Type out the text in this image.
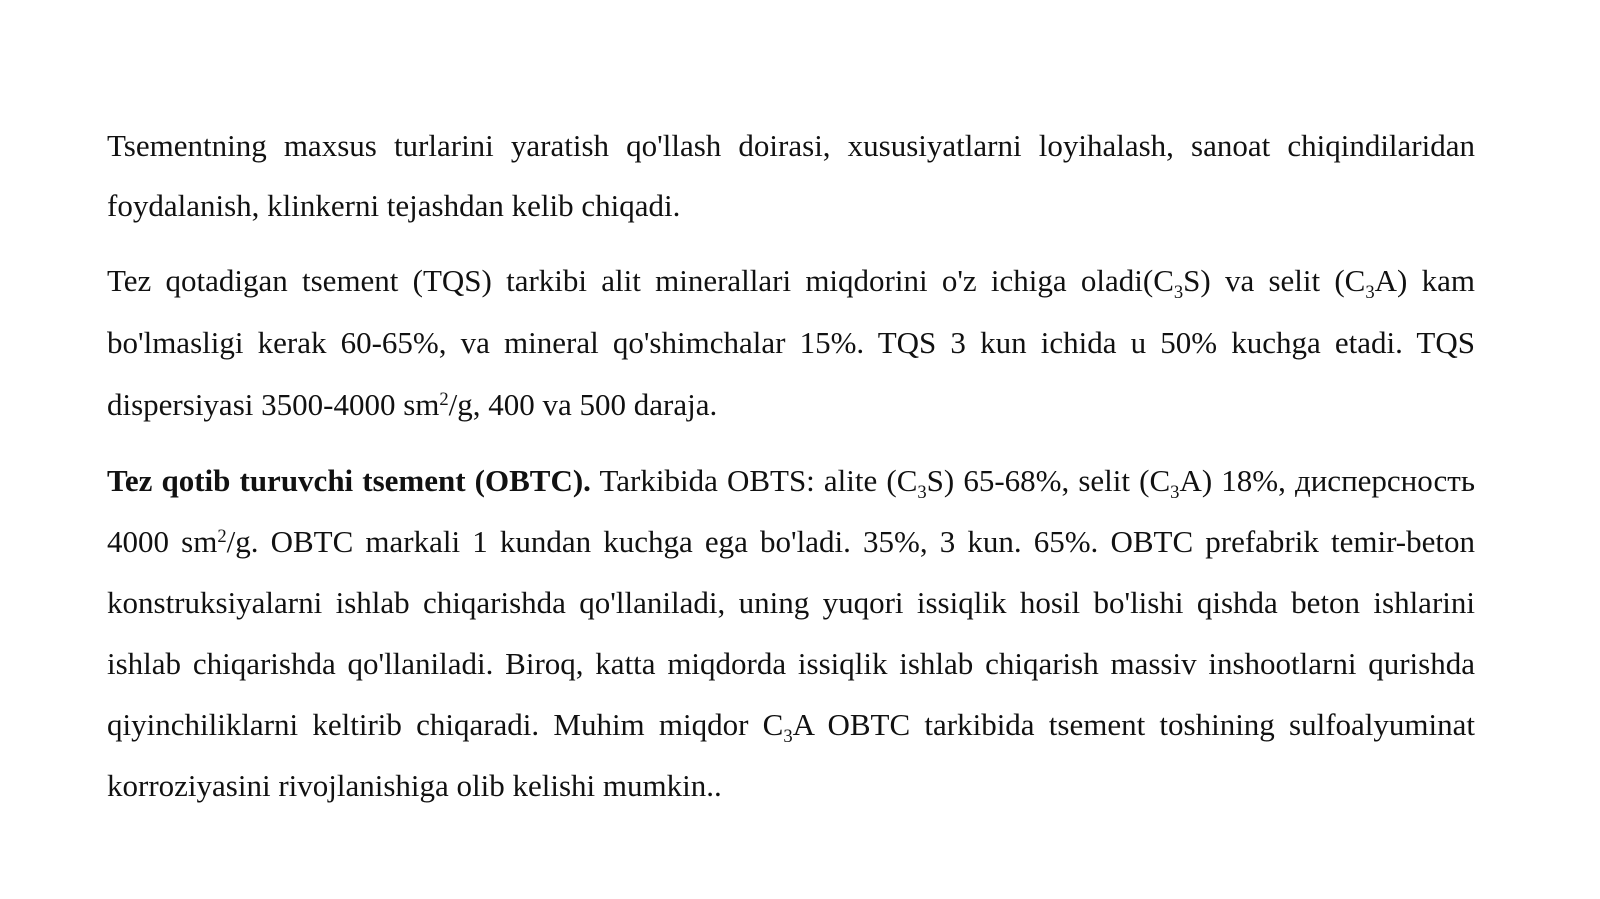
Tsementning maxsus turlarini yaratish qo'llash doirasi, xususiyatlarni loyihalash, sanoat chiqindilaridan foydalanish, klinkerni tejashdan kelib chiqadi.

Tez qotadigan tsement (TQS) tarkibi alit minerallari miqdorini o'z ichiga $oladi(C_3S)$ va selit $(C_3A)$ kam bo'lmasligi kerak 60-65%, va mineral qo'shimchalar 15%. TQS 3 kun ichida u 50% kuchga etadi. TQS dispersiyasi 3500-4000 $sm^2/g$, 400 va 500 daraja.

Tez qotib turuvchi tsement (OBTC). Tarkibida OBTS: alite $(C_3S)$ 65-68%, selit $(C_3A)$ 18%, дисперсность 4000 $sm^2/g$. OBTC markali 1 kundan kuchga ega bo'ladi. 35%, 3 kun. 65%. OBTC prefabrik temir-beton konstruksiyalarni ishlab chiqarishda qo'llaniladi, uning yuqori issiqlik hosil bo'lishi qishda beton ishlarini ishlab chiqarishda qo'llaniladi. Biroq, katta miqdorda issiqlik ishlab chiqarish massiv inshootlarni qurishda qiyinchiliklarni keltirib chiqaradi. Muhim miqdor $C_3A$ OBTC tarkibida tsement toshining sulfoalyuminat korroziyasini rivojlanishiga olib kelishi mumkin..
